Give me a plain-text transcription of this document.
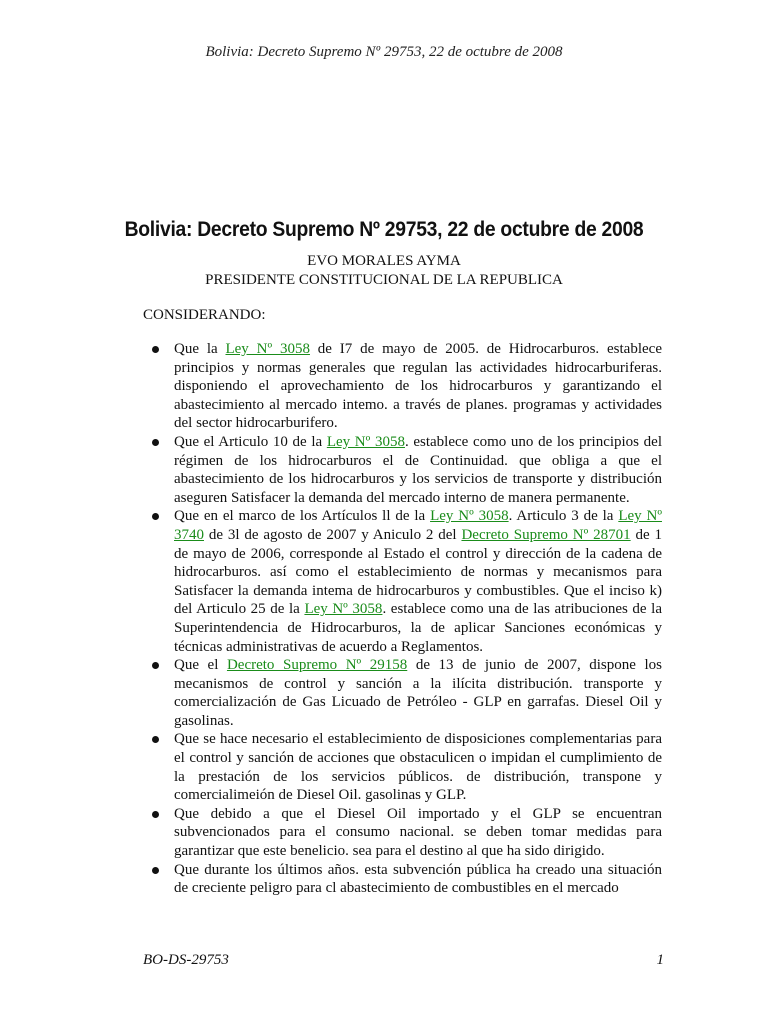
Bolivia: Decreto Supremo Nº 29753, 22 de octubre de 2008
Bolivia: Decreto Supremo Nº 29753, 22 de octubre de 2008
EVO MORALES AYMA
PRESIDENTE CONSTITUCIONAL DE LA REPUBLICA
CONSIDERANDO:
Que la Ley Nº 3058 de I7 de mayo de 2005. de Hidrocarburos. establece principios y normas generales que regulan las actividades hidrocarburiferas. disponiendo el aprovechamiento de los hidrocarburos y garantizando el abastecimiento al mercado intemo. a través de planes. programas y actividades del sector hidrocarburifero.
Que el Articulo 10 de la Ley Nº 3058. establece como uno de los principios del régimen de los hidrocarburos el de Continuidad. que obliga a que el abastecimiento de los hidrocarburos y los servicios de transporte y distribución aseguren Satisfacer la demanda del mercado interno de manera permanente.
Que en el marco de los Artículos ll de la Ley Nº 3058. Articulo 3 de la Ley Nº 3740 de 3l de agosto de 2007 y Aniculo 2 del Decreto Supremo Nº 28701 de 1 de mayo de 2006, corresponde al Estado el control y dirección de la cadena de hidrocarburos. así como el establecimiento de normas y mecanismos para Satisfacer la demanda intema de hidrocarburos y combustibles. Que el inciso k) del Articulo 25 de la Ley Nº 3058. establece como una de las atribuciones de la Superintendencia de Hidrocarburos, la de aplicar Sanciones económicas y técnicas administrativas de acuerdo a Reglamentos.
Que el Decreto Supremo Nº 29158 de 13 de junio de 2007, dispone los mecanismos de control y sanción a la ilícita distribución. transporte y comercialización de Gas Licuado de Petróleo - GLP en garrafas. Diesel Oil y gasolinas.
Que se hace necesario el establecimiento de disposiciones complementarias para el control y sanción de acciones que obstaculicen o impidan el cumplimiento de la prestación de los servicios públicos. de distribución, transpone y comercialimeión de Diesel Oil. gasolinas y GLP.
Que debido a que el Diesel Oil importado y el GLP se encuentran subvencionados para el consumo nacional. se deben tomar medidas para garantizar que este benelicio. sea para el destino al que ha sido dirigido.
Que durante los últimos años. esta subvención pública ha creado una situación de creciente peligro para cl abastecimiento de combustibles en el mercado
BO-DS-29753	1
